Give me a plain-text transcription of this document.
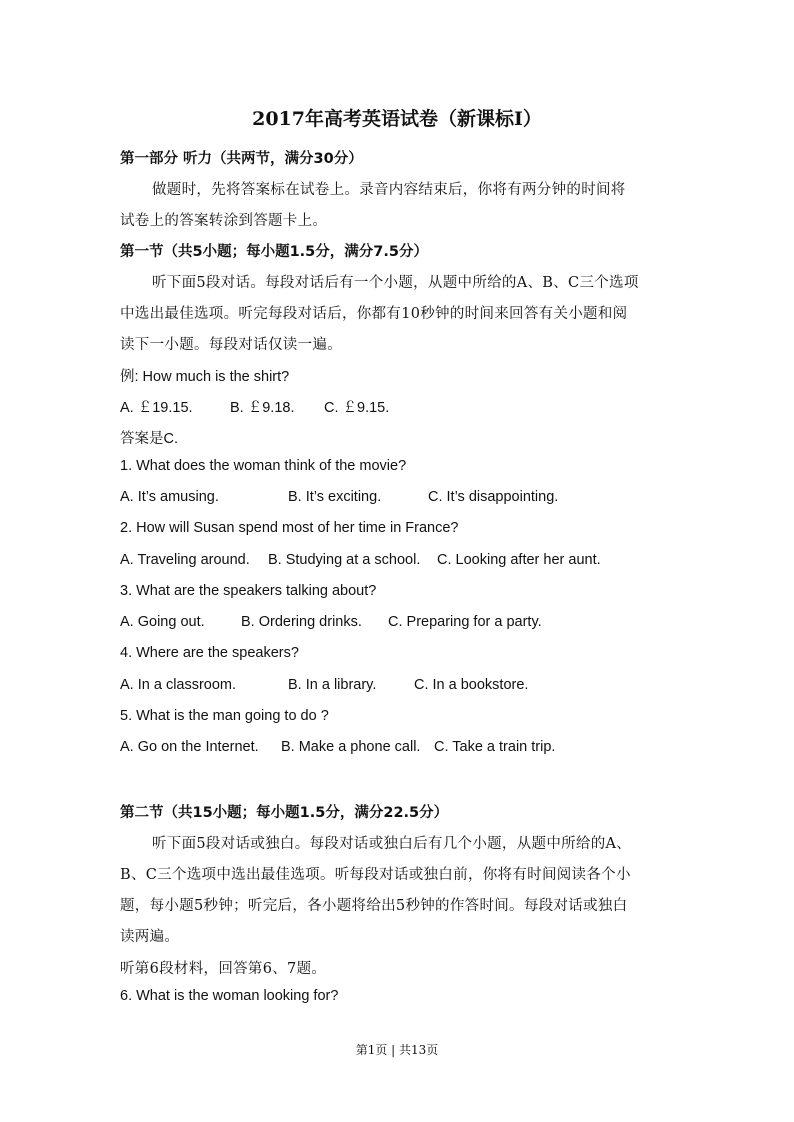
2017年高考英语试卷（新课标Ⅰ）
第一部分 听力（共两节，满分30分）
做题时，先将答案标在试卷上。录音内容结束后，你将有两分钟的时间将
试卷上的答案转涂到答题卡上。
第一节（共5小题；每小题1.5分，满分7.5分）
听下面5段对话。每段对话后有一个小题，从题中所给的A、B、C三个选项
中选出最佳选项。听完每段对话后，你都有10秒钟的时间来回答有关小题和阅
读下一小题。每段对话仅读一遍。
例: How much is the shirt?
A. ￡19.15.	B. ￡9.18. C. ￡9.15.
答案是C.
1. What does the woman think of the movie?
A. It’s amusing.	B. It’s exciting.	C. It’s disappointing.
2. How will Susan spend most of her time in France?
A. Traveling around. B. Studying at a school. C. Looking after her aunt.
3. What are the speakers talking about?
A. Going out.	B. Ordering drinks. C. Preparing for a party.
4. Where are the speakers?
A. In a classroom.	B. In a library.	C. In a bookstore.
5. What is the man going to do ?
A. Go on the Internet. B. Make a phone call. C. Take a train trip.
第二节（共15小题；每小题1.5分，满分22.5分）
听下面5段对话或独白。每段对话或独白后有几个小题，从题中所给的A、
B、C三个选项中选出最佳选项。听每段对话或独白前，你将有时间阅读各个小
题，每小题5秒钟；听完后，各小题将给出5秒钟的作答时间。每段对话或独白
读两遍。
听第6段材料，回答第6、7题。
6. What is the woman looking for?
第1页 | 共13页
